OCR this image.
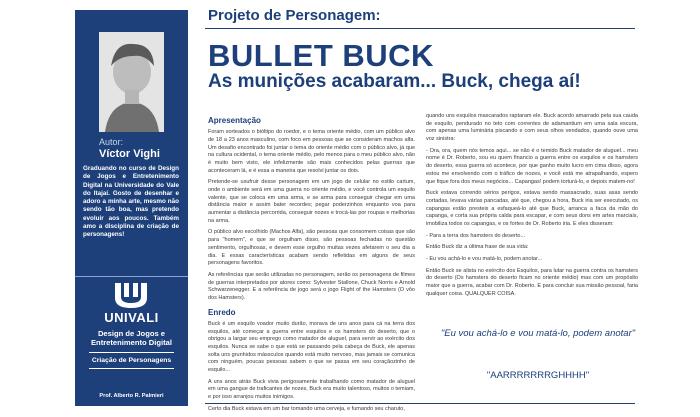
Autor:
Víctor Vighi
Graduando no curso de Design de Jogos e Entretenimento Digital na Universidade do Vale do Itajaí. Gosto de desenhar e adoro a minha arte, mesmo não sendo tão boa, mas pretendo evoluir aos poucos. Também amo a disciplina de criação de personagens!
UNIVALI
Design de Jogos e Entretenimento Digital
Criação de Personagens
Prof. Alberto R. Palmieri
Projeto de Personagem:
BULLET BUCK
As munições acabaram... Buck, chega aí!
Apresentação

Foram sorteados o bióltipo do roedor, e o tema oriente médio, com um público alvo de 18 a 23 anos masculino, com foco em pessoas que se consideram machos alfa. Um desafio encontrado foi juntar o tema do oriente médio com o público alvo, já que na cultura ocidental, o tema oriente médio, pelo menos para o meu público alvo, não é muito bem visto, ele infelizmente são mais conhecidos pelas guerras que aconteceram lá, e é essa a maneira que resolvi juntar os dois.

Pretende-se usufruir desse personagem em um jogo de celular no estilo cartum, onde o ambiente será em uma guerra no oriente médio, e você controla um esquilo valente, que se coloca em uma arma, e se arma para conseguir chegar em uma distância maior e assim bater recordes; pegar poderzinhos enquanto voa para aumentar a distância percorrida, conseguir nozes e trocá-las por roupas e melhorias na arma.

O público alvo escolhido (Machos Alfa), são pessoas que consomem coisas que são para "homem", e que se orgulham disso, são pessoas fechadas no questão sentimento, orgulhosas, e devem esse orgulho muitas vezes afetarem o seu dia a dia. E essas características acabam sendo refletidas em alguns de seus personagens favoritos.

As referências que serão utilizadas no personagem, serão os personagens de filmes de guerras interpretados por atores como: Sylvester Stallone, Chuck Norris e Arnold Schwarzenegger. E a referência de jogo será o jogo Flight of the Hamsters (O vôo dos Hamsters).

Enredo

Buck é um esquilo voador muito durão, morava de uns anos para cá na terra dos esquilos, até começar a guerra entre esquilos e os hamsters do deserto, que o obrigou a largar seu emprego como matador de aluguel, para servir ao exército dos esquilos. Nunca se sabe o que está se passando pela cabeça de Buck, ele apenas solta uns grunhidos mássculos quando está muito nervoso, mas jamais se comunica com ninguém, poucas pessoas sabem o que se passa em seu coraçãozinho de esquilo...

A uns anos atrás Buck vivia perigosamente trabalhando como matador de aluguel em uma gangue de traficantes de nozes, Buck era muito talentoso, muitos o temiam, e por isso arranjou muitos inimigos.

Certo dia Buck estava em um bar tomando uma cerveja, e fumando seu charuto,

quando uns esquilos mascarados raptaram ele. Buck acordo amarrado pela sua cauda de esquilo, pendurado no teto com correntes de adamantium em uma sala escura, com apenas uma luminária piscando e com seus olhos vendados, quando ouve uma voz sinistra:

- Ora, ora, quem nós temos aqui... se não é o temido Buck matador de aluguel... meu nome é Dr. Roberto, sou eu quem financio a guerra entre os esquilos e os hamsters do deserto, essa guerra só acontece, por que ganho muito lucro em cima disso, agora estou me envolvendo com o tráfico de nozes, e você está me atrapalhando, espero que fique fora dos meus negócios... Capangas! podem torturá-lo, e depois matem-no!

Buck estava correndo sérios perigos, estava sendo massacrado, suas asas sendo cortadas, levava várias pancadas, até que, chegou a hora, Buck iria ser executado, os capangas estão presteis a esfaqueá-lo até que Buck, arranca a faca da mão do capanga, e corta sua própria calda para escapar, e com seus dons em artes marciais, imobiliza todos os capangas, e os fortes de Dr. Roberto iria. E eles disseram:

- Para a terra dos hamsters do deserto...

Então Buck diz a última frase de sua vida:

- Eu vou achá-lo e vou matá-lo, podem anotar...

Então Buck se alista no exército dos Esquilos, para lutar na guerra contra os hamsters do deserto (Os hamsters do deserto ficam no oriente médio) mas com um propósito maior que a guerra, acabar com Dr. Roberto. E para concluir sua missão pessoal, faria qualquer coisa. QUALQUER COISA.

"Eu vou achá-lo e vou matá-lo, podem anotar"
"AARRRRRRRGHHHH"
